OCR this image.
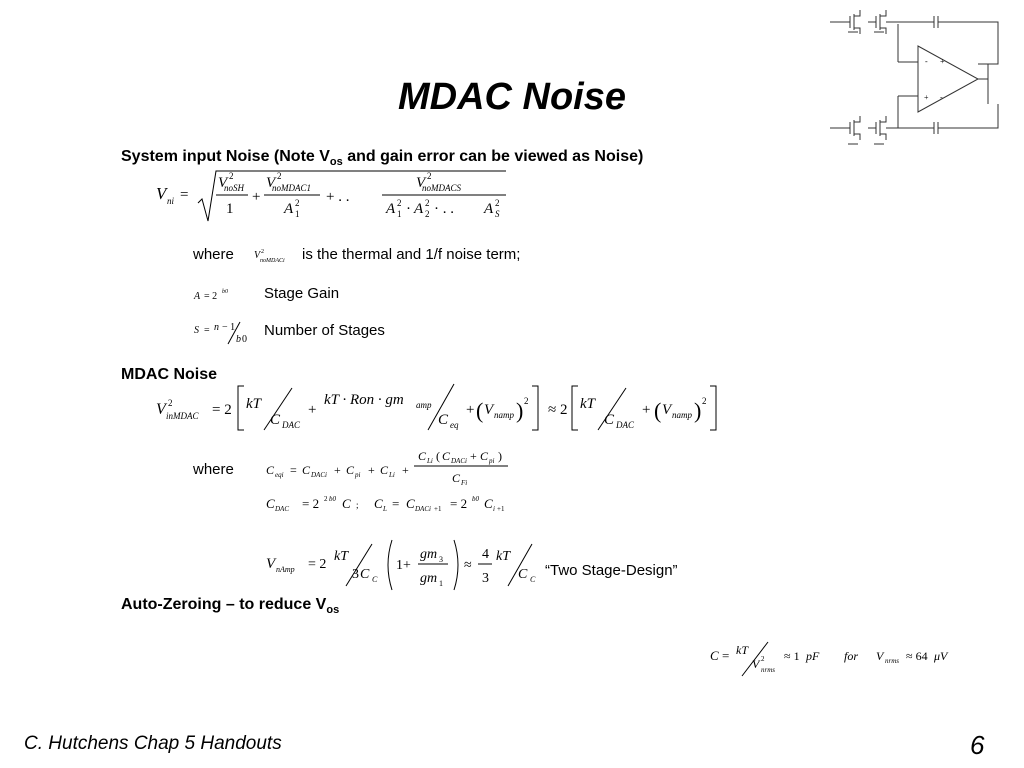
MDAC Noise
- +
+ -
System input Noise (Note $V_{os}$ and gain error can be viewed as Noise)
V ni =
V 2
noSH
1
+
V 2
noMDAC1
A 2
1
+ . .
V 2
noMDACS
A 2
1 · A 2
2 · . . A 2
S
where V 2
noMDACi is the thermal and 1/f noise term;
A = 2 b0 Stage Gain
S = n − 1
b 0
Number of Stages
MDAC Noise
V 2
inMDAC = 2 kT
C DAC
+
kT · Ron · gm amp
C eq
+ ( V namp ) 2
≈ 2 kT
C DAC
+ ( V namp ) 2
where	C eqi = C DACi + C pi + C Li +
C Li ( C DACi + C pi )
C Fi
C DAC = 2 2 b0 C ; C L = C DACi +1 = 2 b0 C i +1
V nAmp = 2
kT
3 C C
1+
gm 3
gm 1
≈
4
3
kT
C C
“Two Stage-Design”
Auto-Zeroing – to reduce $V_{os}$
C = kT
V 2
nrms
≈ 1 pF for V nrms ≈ 64 μV
C. Hutchens Chap 5 Handouts	6
